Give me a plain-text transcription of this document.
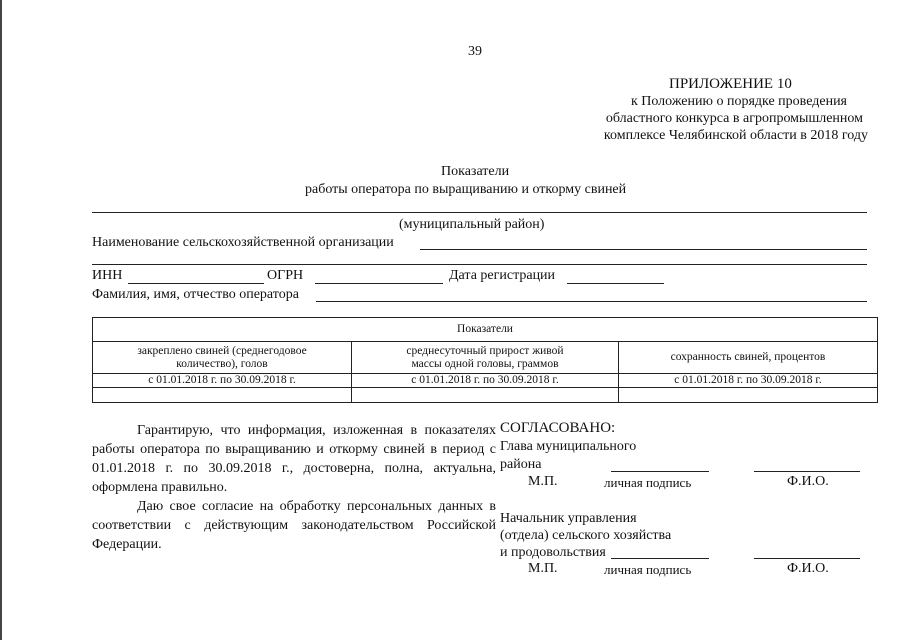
39
ПРИЛОЖЕНИЕ 10
к Положению о порядке проведения
областного конкурса в агропромышленном
комплексе Челябинской области в 2018 году
Показатели
работы оператора по выращиванию и откорму свиней
(муниципальный район)
Наименование сельскохозяйственной организации
ИНН	ОГРН	Дата регистрации
Фамилия, имя, отчество оператора
Показатели		
закреплено свиней (среднегодовое количество), голов	среднесуточный прирост живой массы одной головы, граммов	сохранность свиней, процентов
с 01.01.2018 г. по 30.09.2018 г.	с 01.01.2018 г. по 30.09.2018 г.	с 01.01.2018 г. по 30.09.2018 г.

Гарантирую, что информация, изложенная в показателях работы оператора по выращиванию и откорму свиней в период с 01.01.2018 г. по 30.09.2018 г., достоверна, полна, актуальна, оформлена правильно.

Даю свое согласие на обработку персональных данных в соответствии с действующим законодательством Российской Федерации.

СОГЛАСОВАНО:
Глава муниципального
района
М.П.	личная подпись	Ф.И.О.
Начальник управления
(отдела) сельского хозяйства
и продовольствия
М.П.	личная подпись	Ф.И.О.
